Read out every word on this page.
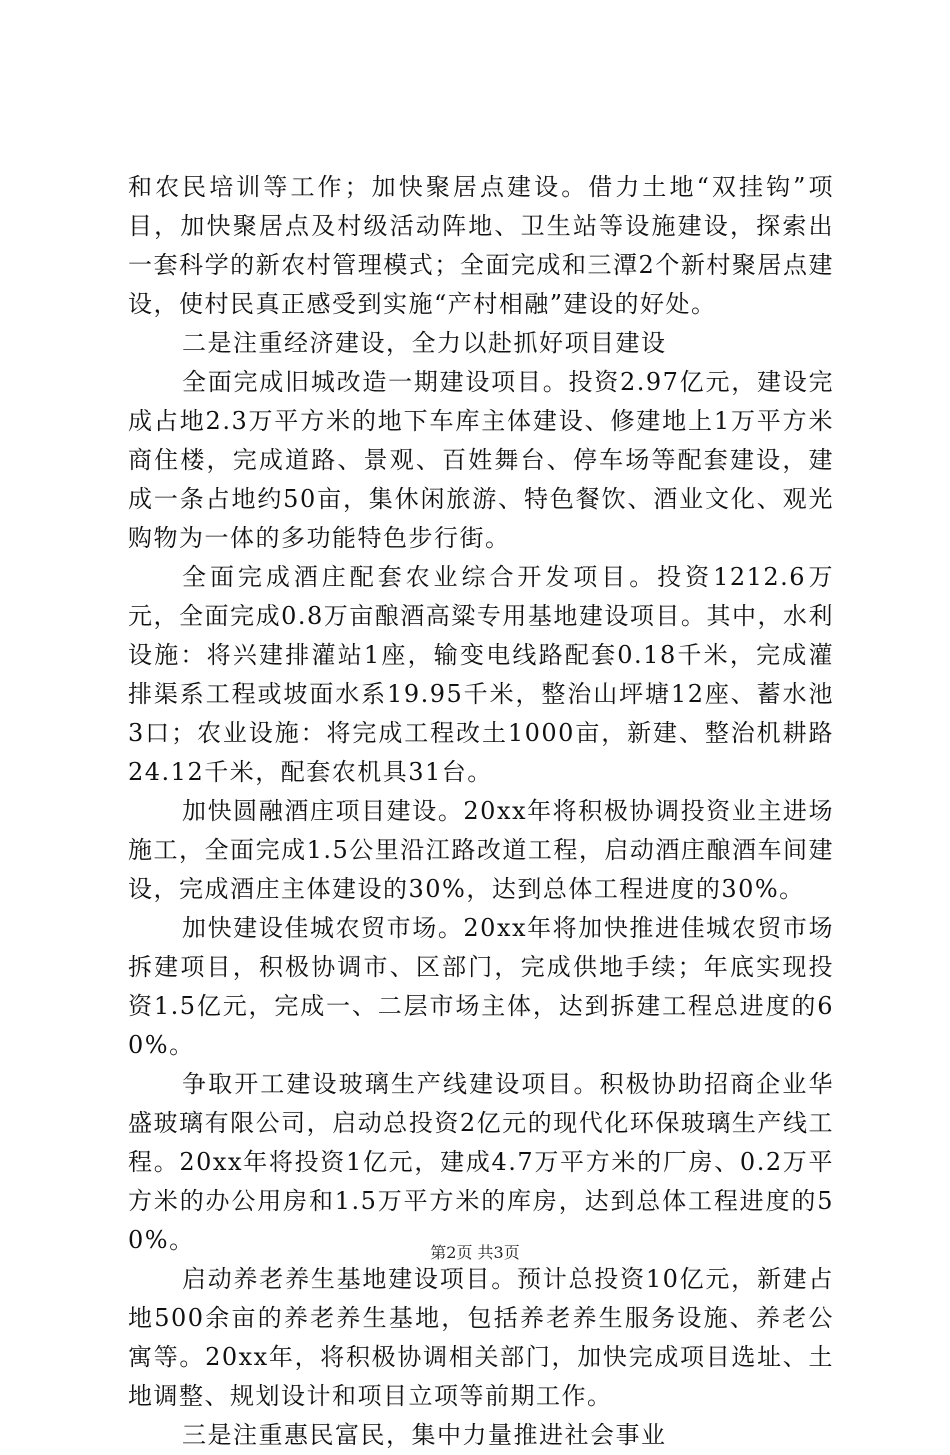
和农民培训等工作；加快聚居点建设。借力土地“双挂钩”项目，加快聚居点及村级活动阵地、卫生站等设施建设，探索出一套科学的新农村管理模式；全面完成和三潭2个新村聚居点建设，使村民真正感受到实施“产村相融”建设的好处。

二是注重经济建设，全力以赴抓好项目建设

全面完成旧城改造一期建设项目。投资2.97亿元，建设完成占地2.3万平方米的地下车库主体建设、修建地上1万平方米商住楼，完成道路、景观、百姓舞台、停车场等配套建设，建成一条占地约50亩，集休闲旅游、特色餐饮、酒业文化、观光购物为一体的多功能特色步行街。

全面完成酒庄配套农业综合开发项目。投资1212.6万元，全面完成0.8万亩酿酒高粱专用基地建设项目。其中，水利设施：将兴建排灌站1座，输变电线路配套0.18千米，完成灌排渠系工程或坡面水系19.95千米，整治山坪塘12座、蓄水池3口；农业设施：将完成工程改土1000亩，新建、整治机耕路24.12千米，配套农机具31台。

加快圆融酒庄项目建设。20xx年将积极协调投资业主进场施工，全面完成1.5公里沿江路改道工程，启动酒庄酿酒车间建设，完成酒庄主体建设的30%，达到总体工程进度的30%。

加快建设佳城农贸市场。20xx年将加快推进佳城农贸市场拆建项目，积极协调市、区部门，完成供地手续；年底实现投资1.5亿元，完成一、二层市场主体，达到拆建工程总进度的60%。

争取开工建设玻璃生产线建设项目。积极协助招商企业华盛玻璃有限公司，启动总投资2亿元的现代化环保玻璃生产线工程。20xx年将投资1亿元，建成4.7万平方米的厂房、0.2万平方米的办公用房和1.5万平方米的库房，达到总体工程进度的50%。

启动养老养生基地建设项目。预计总投资10亿元，新建占地500余亩的养老养生基地，包括养老养生服务设施、养老公寓等。20xx年，将积极协调相关部门，加快完成项目选址、土地调整、规划设计和项目立项等前期工作。

三是注重惠民富民，集中力量推进社会事业

第2页 共3页
